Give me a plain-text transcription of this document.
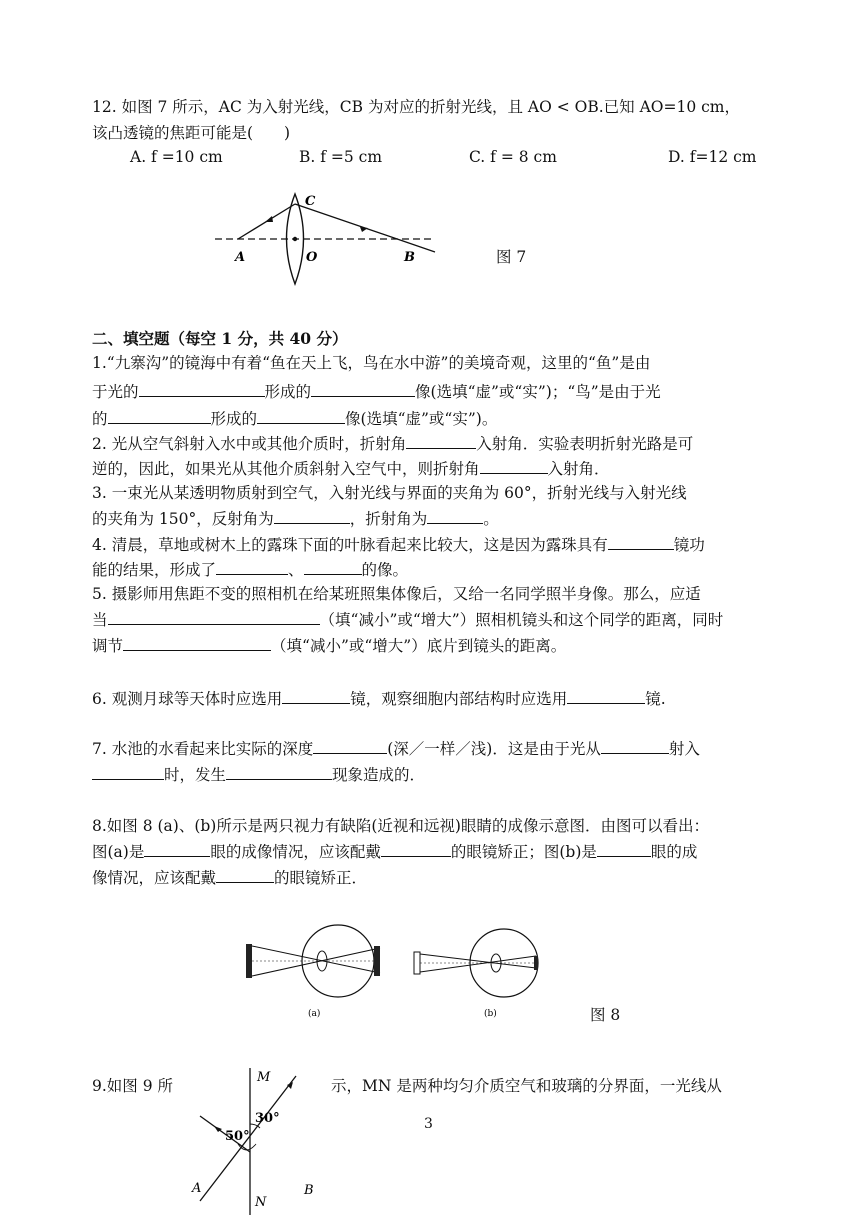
12. 如图 7 所示，AC 为入射光线，CB 为对应的折射光线，且 AO < OB.已知 AO=10 cm，
该凸透镜的焦距可能是(　　)
A. f =10 cm	B. f =5 cm	C. f = 8 cm	D. f=12 cm
A	O	B
C
图 7
二、填空题（每空 1 分，共 40 分）
1.“九寨沟”的镜海中有着“鱼在天上飞，鸟在水中游”的美境奇观，这里的“鱼”是由
于光的	形成的	像(选填“虚”或“实”)；“鸟”是由于光
的	形成的	像(选填“虚”或“实”)。
2. 光从空气斜射入水中或其他介质时，折射角	入射角．实验表明折射光路是可
逆的，因此，如果光从其他介质斜射入空气中，则折射角	入射角．
3. 一束光从某透明物质射到空气，入射光线与界面的夹角为 60°，折射光线与入射光线
的夹角为 150°，反射角为	，折射角为	。
4. 清晨，草地或树木上的露珠下面的叶脉看起来比较大，这是因为露珠具有	镜功
能的结果，形成了	、	的像。
5. 摄影师用焦距不变的照相机在给某班照集体像后，又给一名同学照半身像。那么，应适
当	（填“减小”或“增大”）照相机镜头和这个同学的距离，同时
调节	（填“减小”或“增大”）底片到镜头的距离。
6. 观测月球等天体时应选用	镜，观察细胞内部结构时应选用	镜.
7. 水池的水看起来比实际的深度	(深／一样／浅)．这是由于光从	射入
时，发生	现象造成的．
8.如图 8 (a)、(b)所示是两只视力有缺陷(近视和远视)眼睛的成像示意图．由图可以看出：
图(a)是	眼的成像情况，应该配戴	的眼镜矫正；图(b)是	眼的成
像情况，应该配戴	的眼镜矫正．
(a)	(b)	图 8
9.如图 9 所	示，MN 是两种均匀介质空气和玻璃的分界面，一光线从
M
N
A	B
50°
30°	3
